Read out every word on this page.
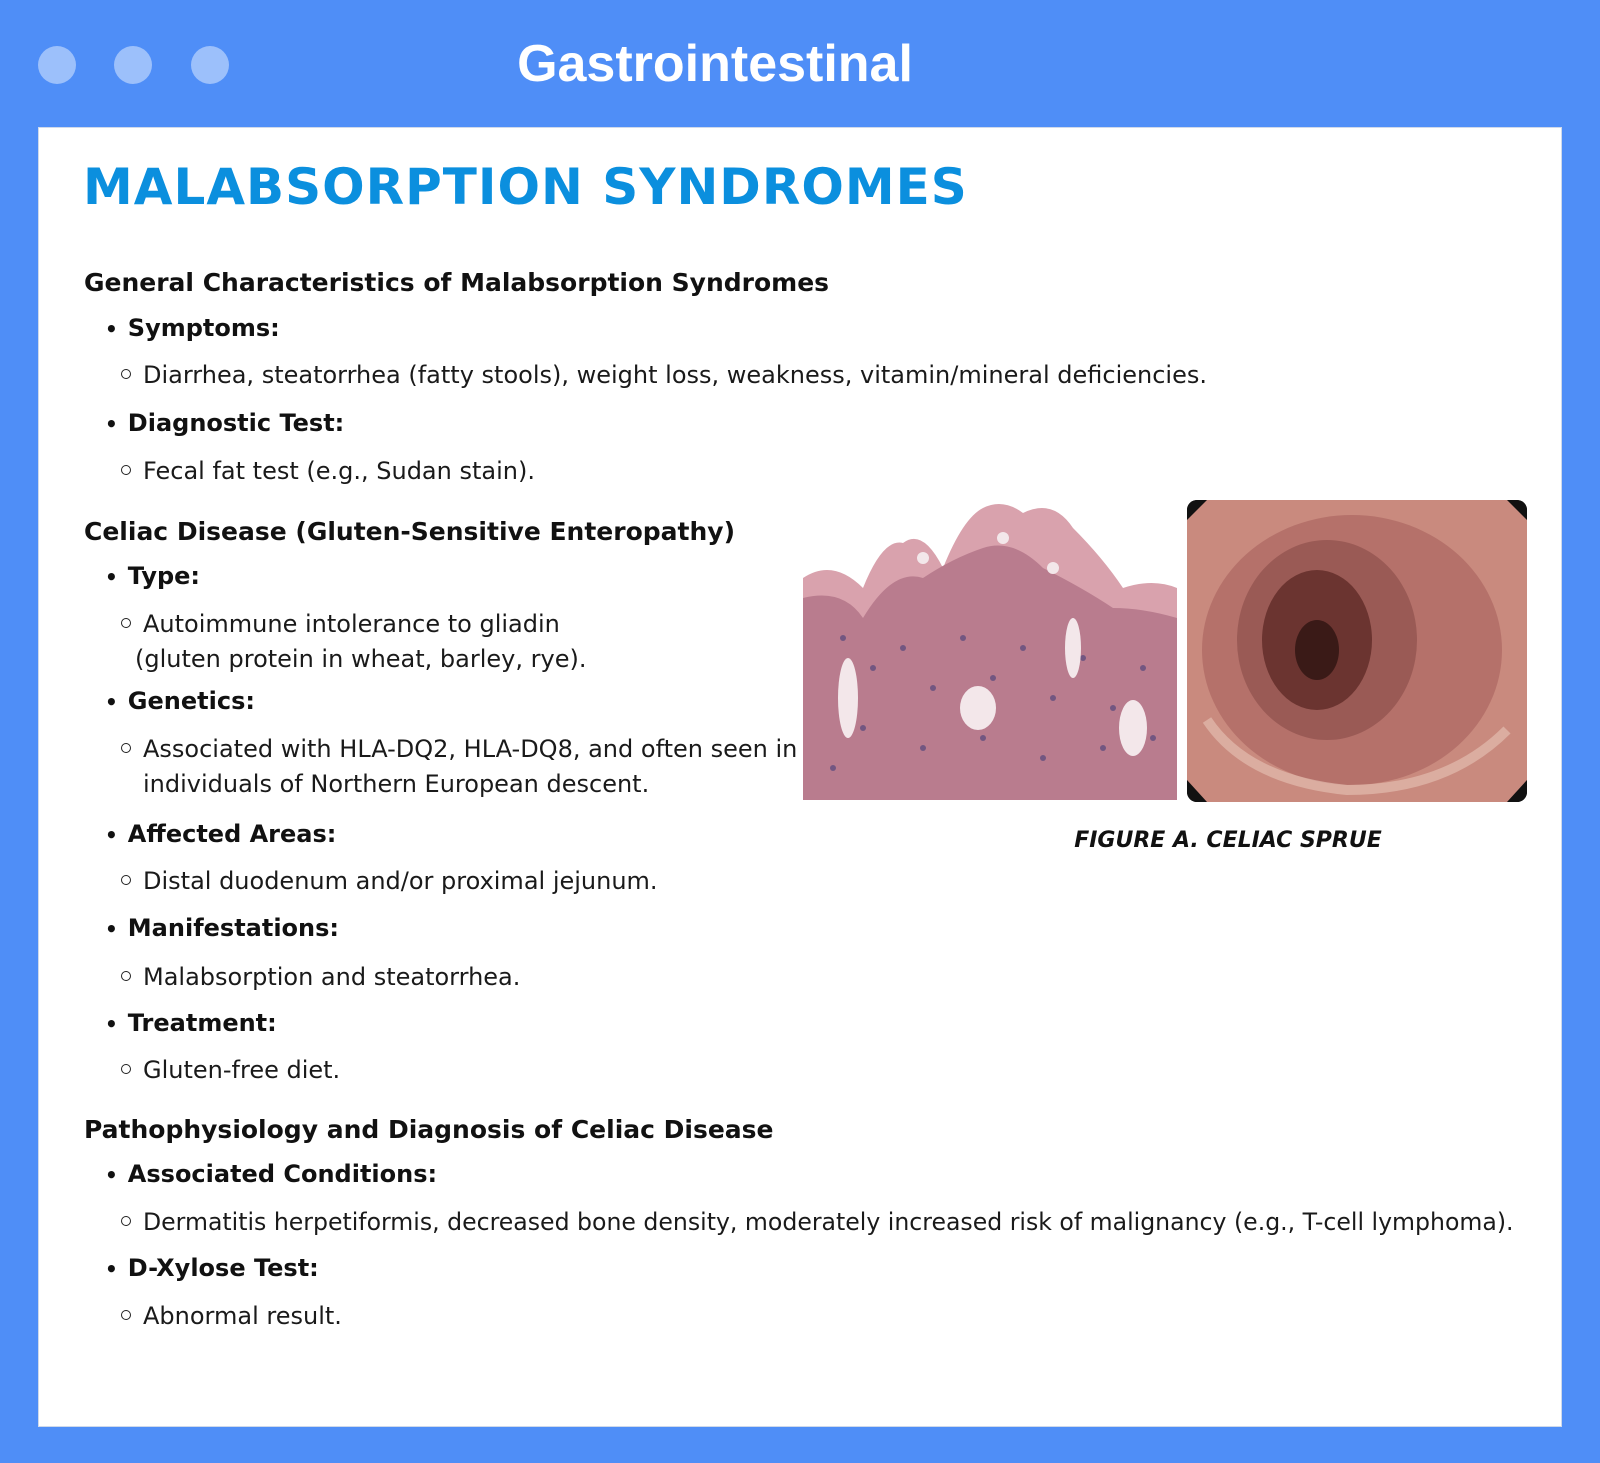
Gastrointestinal
MALABSORPTION SYNDROMES
General Characteristics of Malabsorption Syndromes
• Symptoms:
Diarrhea, steatorrhea (fatty stools), weight loss, weakness, vitamin/mineral deficiencies.
• Diagnostic Test:
Fecal fat test (e.g., Sudan stain).
Celiac Disease (Gluten-Sensitive Enteropathy)
• Type:
Autoimmune intolerance to gliadin
(gluten protein in wheat, barley, rye).
• Genetics:
Associated with HLA-DQ2, HLA-DQ8, and often seen in
individuals of Northern European descent.
• Affected Areas:
Distal duodenum and/or proximal jejunum.
• Manifestations:
Malabsorption and steatorrhea.
• Treatment:
Gluten-free diet.
Pathophysiology and Diagnosis of Celiac Disease
• Associated Conditions:
Dermatitis herpetiformis, decreased bone density, moderately increased risk of malignancy (e.g., T-cell lymphoma).
• D-Xylose Test:
Abnormal result.
FIGURE A. CELIAC SPRUE
